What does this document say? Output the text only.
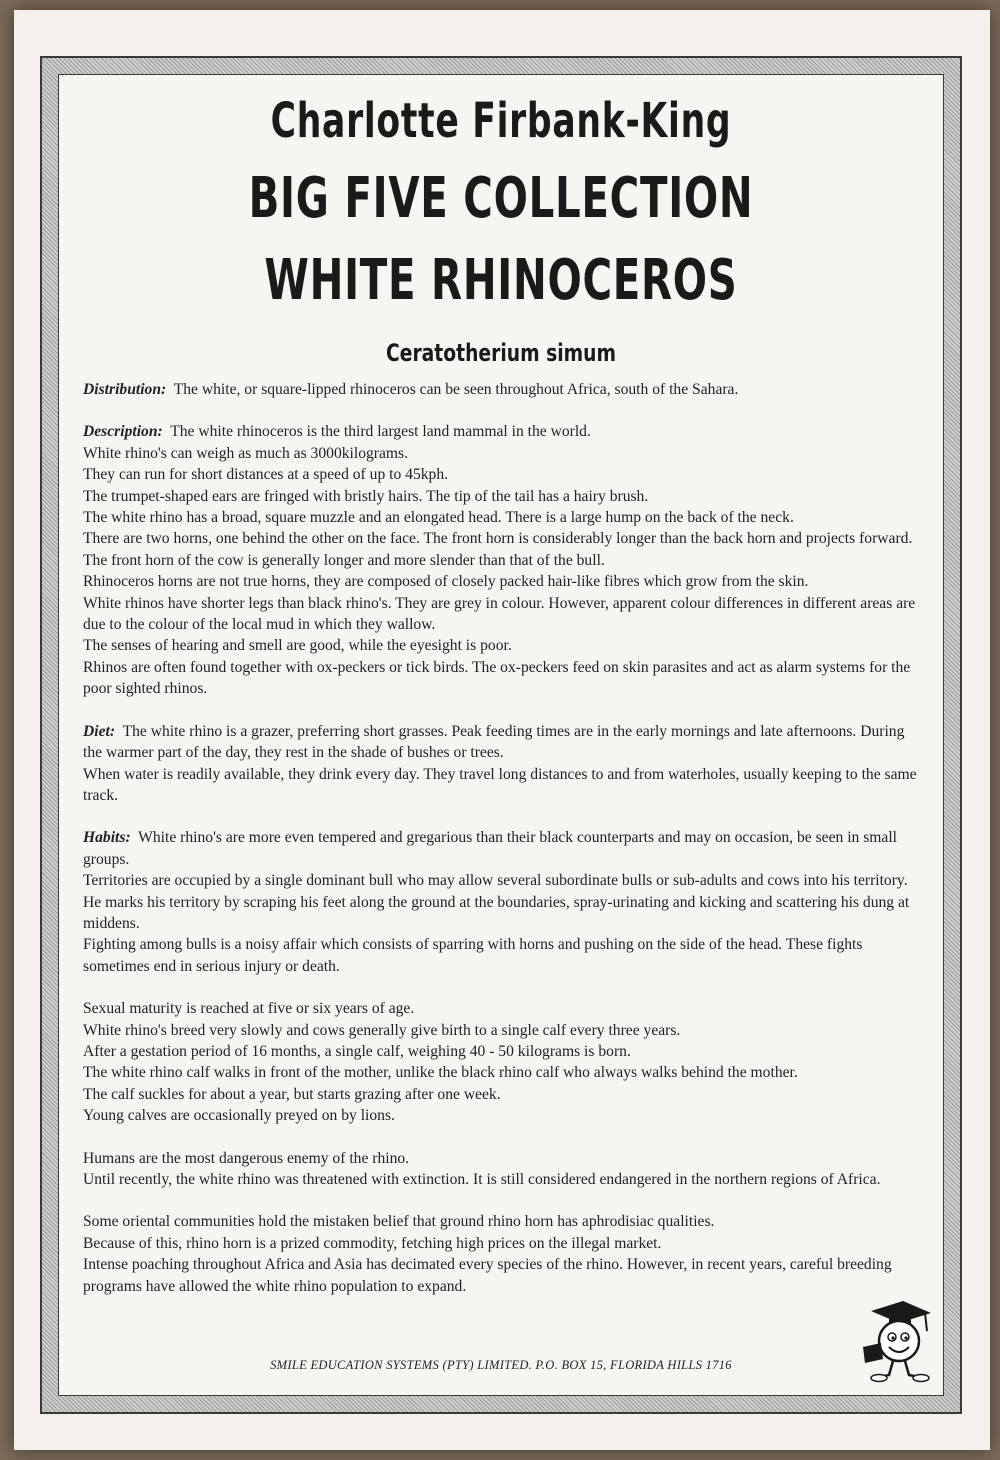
Charlotte Firbank-King
BIG FIVE COLLECTION
WHITE RHINOCEROS
Ceratotherium simum

Distribution: The white, or square-lipped rhinoceros can be seen throughout Africa, south of the Sahara.

Description: The white rhinoceros is the third largest land mammal in the world.

White rhino's can weigh as much as 3000kilograms.

They can run for short distances at a speed of up to 45kph.

The trumpet-shaped ears are fringed with bristly hairs. The tip of the tail has a hairy brush.

The white rhino has a broad, square muzzle and an elongated head. There is a large hump on the back of the neck.

There are two horns, one behind the other on the face. The front horn is considerably longer than the back horn and projects forward. The front horn of the cow is generally longer and more slender than that of the bull.

Rhinoceros horns are not true horns, they are composed of closely packed hair-like fibres which grow from the skin.

White rhinos have shorter legs than black rhino's. They are grey in colour. However, apparent colour differences in different areas are due to the colour of the local mud in which they wallow.

The senses of hearing and smell are good, while the eyesight is poor.

Rhinos are often found together with ox-peckers or tick birds. The ox-peckers feed on skin parasites and act as alarm systems for the poor sighted rhinos.

Diet: The white rhino is a grazer, preferring short grasses. Peak feeding times are in the early mornings and late afternoons. During the warmer part of the day, they rest in the shade of bushes or trees.

When water is readily available, they drink every day. They travel long distances to and from waterholes, usually keeping to the same track.

Habits: White rhino's are more even tempered and gregarious than their black counterparts and may on occasion, be seen in small groups.

Territories are occupied by a single dominant bull who may allow several subordinate bulls or sub-adults and cows into his territory. He marks his territory by scraping his feet along the ground at the boundaries, spray-urinating and kicking and scattering his dung at middens.

Fighting among bulls is a noisy affair which consists of sparring with horns and pushing on the side of the head. These fights sometimes end in serious injury or death.

Sexual maturity is reached at five or six years of age.

White rhino's breed very slowly and cows generally give birth to a single calf every three years.

After a gestation period of 16 months, a single calf, weighing 40 - 50 kilograms is born.

The white rhino calf walks in front of the mother, unlike the black rhino calf who always walks behind the mother.

The calf suckles for about a year, but starts grazing after one week.

Young calves are occasionally preyed on by lions.

Humans are the most dangerous enemy of the rhino.

Until recently, the white rhino was threatened with extinction. It is still considered endangered in the northern regions of Africa.

Some oriental communities hold the mistaken belief that ground rhino horn has aphrodisiac qualities.

Because of this, rhino horn is a prized commodity, fetching high prices on the illegal market.

Intense poaching throughout Africa and Asia has decimated every species of the rhino. However, in recent years, careful breeding programs have allowed the white rhino population to expand.

SMILE EDUCATION SYSTEMS (PTY) LIMITED. P.O. BOX 15, FLORIDA HILLS 1716
